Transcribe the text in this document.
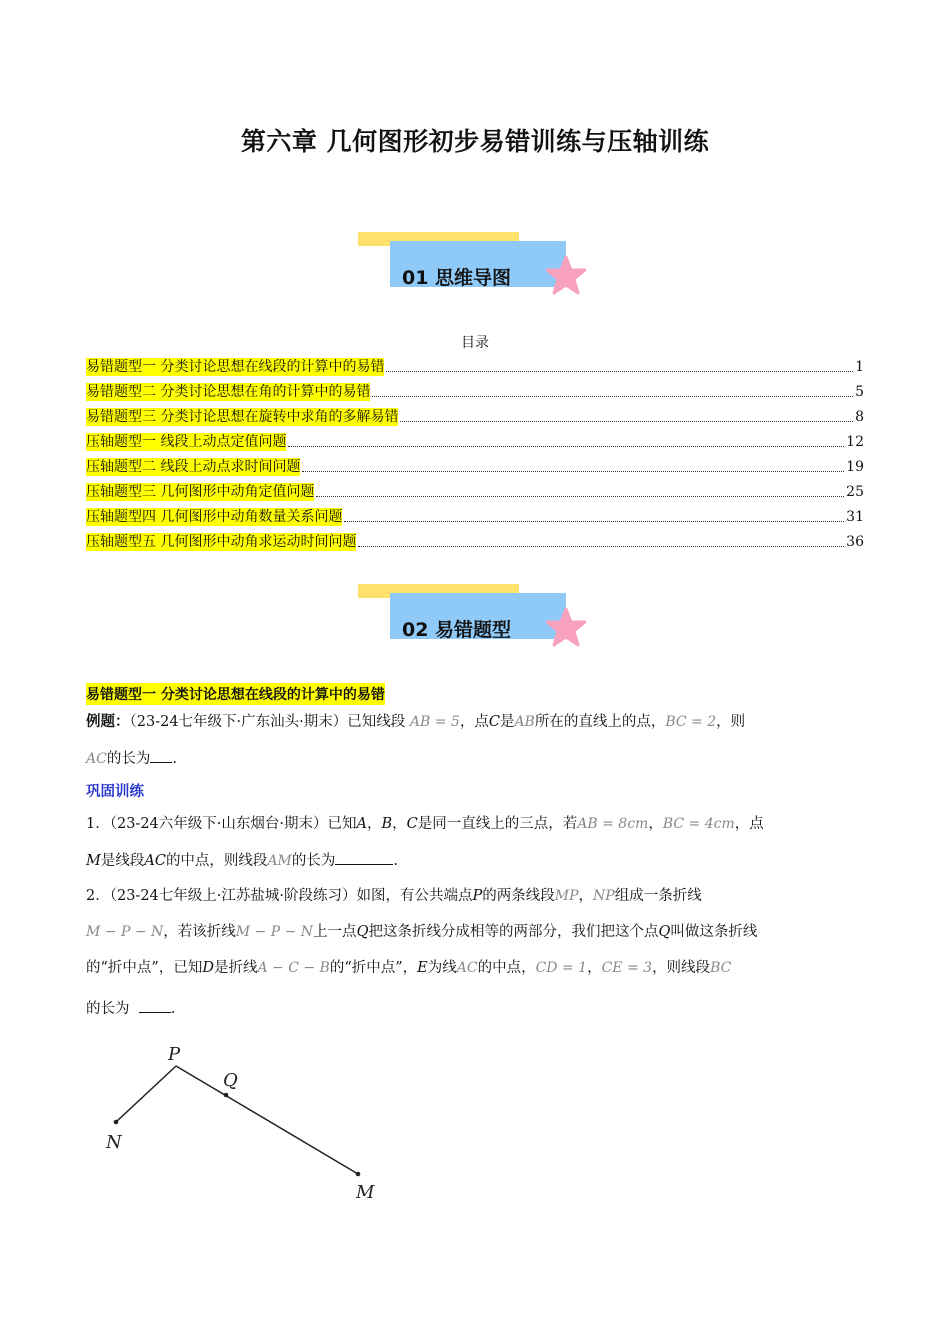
第六章 几何图形初步易错训练与压轴训练
01 思维导图
目录
易错题型一 分类讨论思想在线段的计算中的易错	1
易错题型二 分类讨论思想在角的计算中的易错	5
易错题型三 分类讨论思想在旋转中求角的多解易错	8
压轴题型一 线段上动点定值问题	12
压轴题型二 线段上动点求时间问题	19
压轴题型三 几何图形中动角定值问题	25
压轴题型四 几何图形中动角数量关系问题	31
压轴题型五 几何图形中动角求运动时间问题	36
02 易错题型
易错题型一 分类讨论思想在线段的计算中的易错
例题：（23-24七年级下·广东汕头·期末）已知线段 AB = 5，点C是AB所在的直线上的点，BC = 2，则
AC的长为 .
巩固训练
1．（23-24六年级下·山东烟台·期末）已知A，B，C是同一直线上的三点，若AB = 8cm，BC = 4cm，点
M是线段AC的中点，则线段AM的长为	.
2．（23-24七年级上·江苏盐城·阶段练习）如图，有公共端点P的两条线段MP，NP组成一条折线
M − P − N，若该折线M − P − N上一点Q把这条折线分成相等的两部分，我们把这个点Q叫做这条折线
的“折中点”，已知D是折线A − C − B的“折中点”，E为线AC的中点，CD = 1，CE = 3，则线段BC
的长为	.
P
Q
N
M
